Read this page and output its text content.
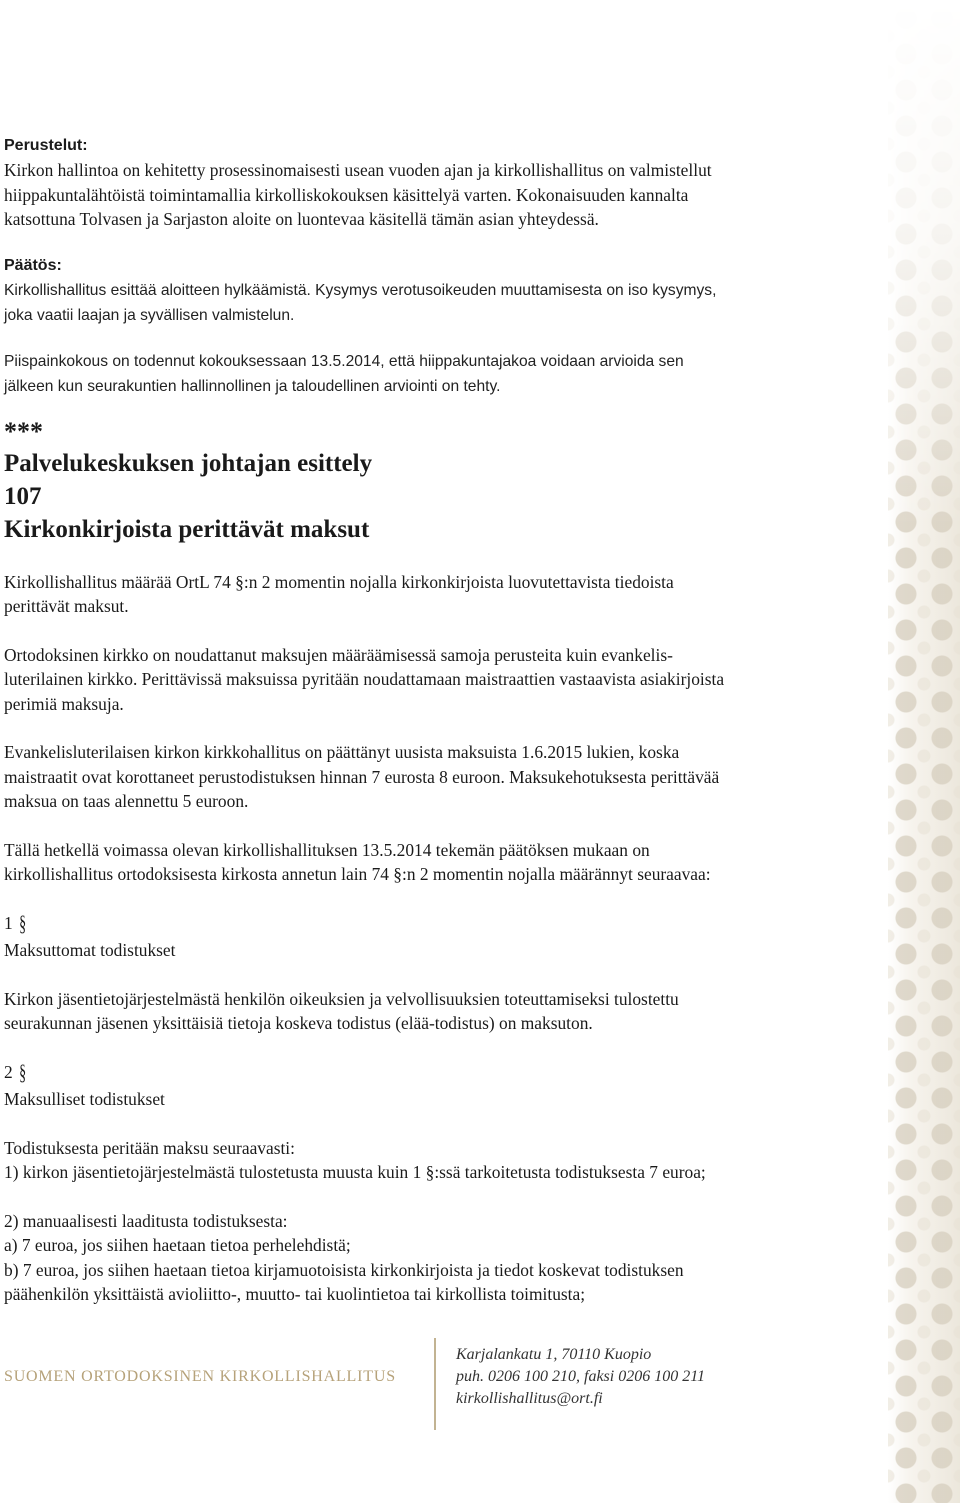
Perustelut:
Kirkon hallintoa on kehitetty prosessinomaisesti usean vuoden ajan ja kirkollishallitus on valmistellut
hiippakuntalähtöistä toimintamallia kirkolliskokouksen käsittelyä varten. Kokonaisuuden kannalta
katsottuna Tolvasen ja Sarjaston aloite on luontevaa käsitellä tämän asian yhteydessä.
Päätös:
Kirkollishallitus esittää aloitteen hylkäämistä. Kysymys verotusoikeuden muuttamisesta on iso kysymys,
joka vaatii laajan ja syvällisen valmistelun.
Piispainkokous on todennut kokouksessaan 13.5.2014, että hiippakuntajakoa voidaan arvioida sen
jälkeen kun seurakuntien hallinnollinen ja taloudellinen arviointi on tehty.
***
Palvelukeskuksen johtajan esittely
107
Kirkonkirjoista perittävät maksut
Kirkollishallitus määrää OrtL 74 §:n 2 momentin nojalla kirkonkirjoista luovutettavista tiedoista
perittävät maksut.
Ortodoksinen kirkko on noudattanut maksujen määräämisessä samoja perusteita kuin evankelis-
luterilainen kirkko. Perittävissä maksuissa pyritään noudattamaan maistraattien vastaavista asiakirjoista
perimiä maksuja.
Evankelisluterilaisen kirkon kirkkohallitus on päättänyt uusista maksuista 1.6.2015 lukien, koska
maistraatit ovat korottaneet perustodistuksen hinnan 7 eurosta 8 euroon. Maksukehotuksesta perittävää
maksua on taas alennettu 5 euroon.
Tällä hetkellä voimassa olevan kirkollishallituksen 13.5.2014 tekemän päätöksen mukaan on
kirkollishallitus ortodoksisesta kirkosta annetun lain 74 §:n 2 momentin nojalla määrännyt seuraavaa:
1 §
Maksuttomat todistukset
Kirkon jäsentietojärjestelmästä henkilön oikeuksien ja velvollisuuksien toteuttamiseksi tulostettu
seurakunnan jäsenen yksittäisiä tietoja koskeva todistus (elää-todistus) on maksuton.
2 §
Maksulliset todistukset
Todistuksesta peritään maksu seuraavasti:
1) kirkon jäsentietojärjestelmästä tulostetusta muusta kuin 1 §:ssä tarkoitetusta todistuksesta 7 euroa;
2) manuaalisesti laaditusta todistuksesta:
a) 7 euroa, jos siihen haetaan tietoa perhelehdistä;
b) 7 euroa, jos siihen haetaan tietoa kirjamuotoisista kirkonkirjoista ja tiedot koskevat todistuksen
päähenkilön yksittäistä avioliitto-, muutto- tai kuolintietoa tai kirkollista toimitusta;
SUOMEN ORTODOKSINEN KIRKOLLISHALLITUS
Karjalankatu 1, 70110 Kuopio
puh. 0206 100 210, faksi 0206 100 211
kirkollishallitus@ort.fi
